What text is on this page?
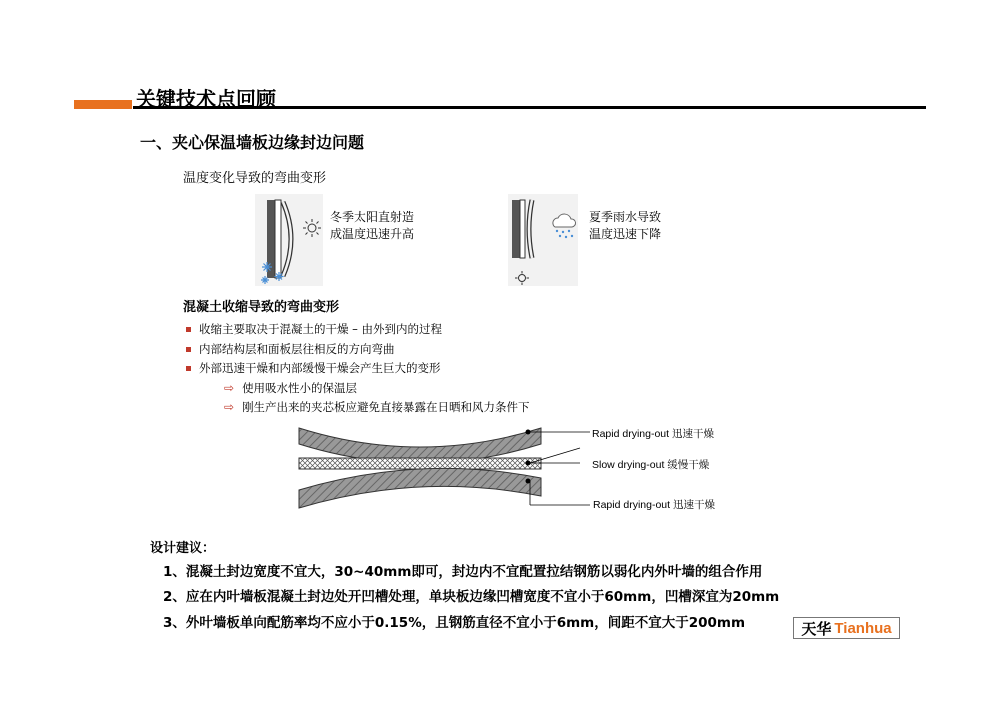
关键技术点回顾
一、夹心保温墙板边缘封边问题
温度变化导致的弯曲变形
冬季太阳直射造
成温度迅速升高
夏季雨水导致
温度迅速下降
混凝土收缩导致的弯曲变形
收缩主要取决于混凝土的干燥 – 由外到内的过程
内部结构层和面板层往相反的方向弯曲
外部迅速干燥和内部缓慢干燥会产生巨大的变形
⇨ 使用吸水性小的保温层
⇨ 刚生产出来的夹芯板应避免直接暴露在日晒和风力条件下
Rapid drying-out 迅速干燥
Slow drying-out 缓慢干燥
Rapid drying-out 迅速干燥
设计建议：
1、混凝土封边宽度不宜大，30~40mm即可，封边内不宜配置拉结钢筋以弱化内外叶墙的组合作用
2、应在内叶墙板混凝土封边处开凹槽处理，单块板边缘凹槽宽度不宜小于60mm，凹槽深宜为20mm
3、外叶墙板单向配筋率均不应小于0.15%，且钢筋直径不宜小于6mm，间距不宜大于200mm	天华 Tianhua
